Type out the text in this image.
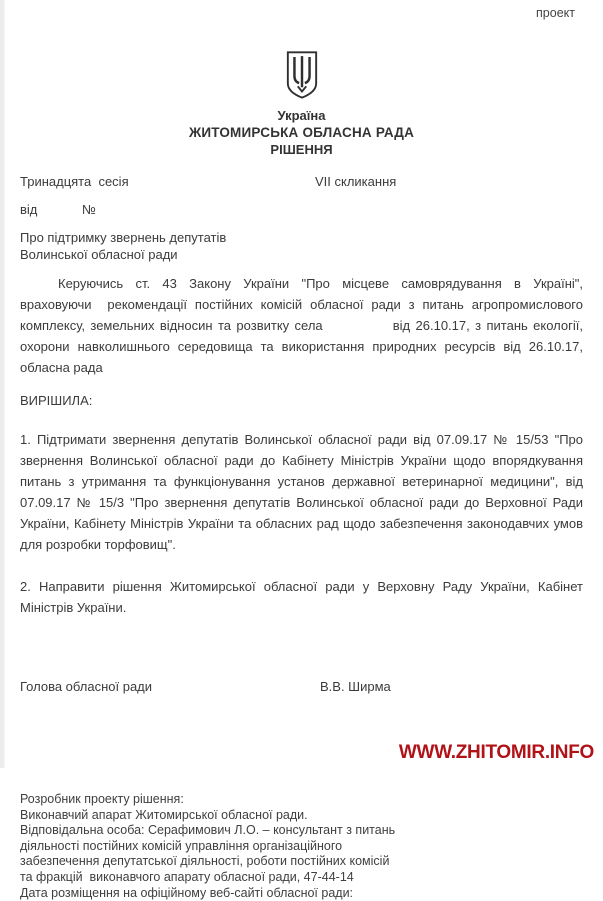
проект
Україна
ЖИТОМИРСЬКА ОБЛАСНА РАДА
РІШЕННЯ
Тринадцята  сесія	VII скликання
від	№
Про підтримку звернень депутатів
Волинської обласної ради
Керуючись ст. 43 Закону України "Про місцеве самоврядування в Україні", враховуючи  рекомендації постійних комісій обласної ради з питань агропромислового комплексу, земельних відносин та розвитку села             від 26.10.17, з питань екології, охорони навколишнього середовища та використання природних ресурсів від 26.10.17, обласна рада
ВИРІШИЛА:
1. Підтримати звернення депутатів Волинської обласної ради від 07.09.17 № 15/53 "Про звернення Волинської обласної ради до Кабінету Міністрів України щодо впорядкування питань з утримання та функціонування установ державної ветеринарної медицини", від 07.09.17 № 15/3 "Про звернення депутатів Волинської обласної ради до Верховної Ради України, Кабінету Міністрів України та обласних рад щодо забезпечення законодавчих умов для розробки торфовищ".
2. Направити рішення Житомирської обласної ради у Верховну Раду України, Кабінет Міністрів України.
Голова обласної ради	В.В. Ширма
Розробник проекту рішення:
Виконавчий апарат Житомирської обласної ради.
Відповідальна особа: Серафимович Л.О. – консультант з питань
діяльності постійних комісій управління організаційного
забезпечення депутатської діяльності, роботи постійних комісій
та фракцій  виконавчого апарату обласної ради, 47-44-14
Дата розміщення на офіційному веб-сайті обласної ради:
WWW.ZHITOMIR.INFO
